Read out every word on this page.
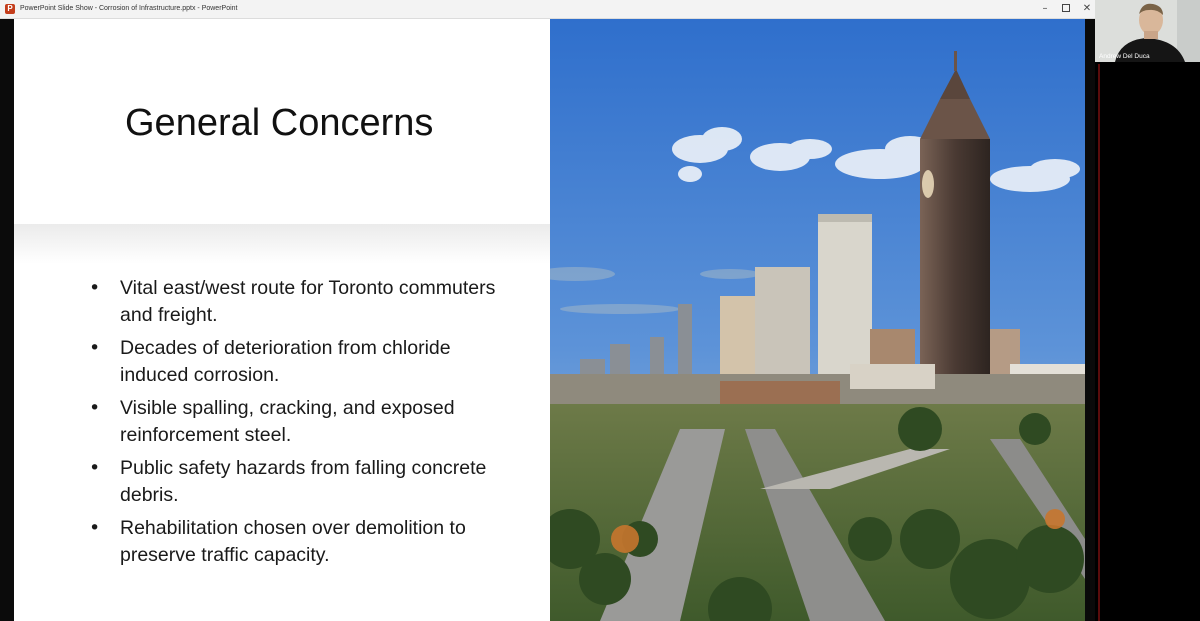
P	PowerPoint Slide Show - Corrosion of Infrastructure.pptx - PowerPoint	–	✕
General Concerns
• Vital east/west route for Toronto commuters and freight.
• Decades of deterioration from chloride induced corrosion.
• Visible spalling, cracking, and exposed reinforcement steel.
• Public safety hazards from falling concrete debris.
• Rehabilitation chosen over demolition to preserve traffic capacity.
Andrew Del Duca
